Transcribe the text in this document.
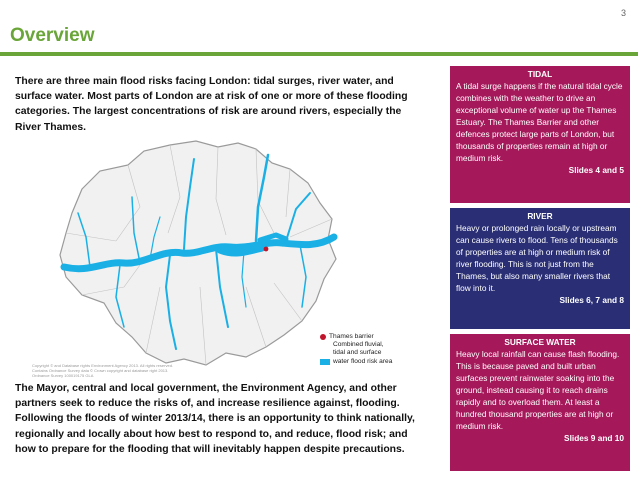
3
Overview

There are three main flood risks facing London: tidal surges, river water, and surface water. Most parts of London are at risk of one or more of these flooding categories. The largest concentrations of risk are around rivers, especially the River Thames.

Copyright © and Database rights Environment Agency 2013. All rights reserved. Contains Ordnance Survey data © Crown copyright and database right 2013. Ordnance Survey 100019175 GLA
Thames barrier
Combined fluvial,
tidal and surface
water flood risk area

The Mayor, central and local government, the Environment Agency, and other partners seek to reduce the risks of, and increase resilience against, flooding. Following the floods of winter 2013/14, there is an opportunity to think nationally, regionally and locally about how best to respond to, and reduce, flood risk; and how to prepare for the flooding that will inevitably happen despite precautions.

TIDAL

A tidal surge happens if the natural tidal cycle combines with the weather to drive an exceptional volume of water up the Thames Estuary. The Thames Barrier and other defences protect large parts of London, but thousands of properties remain at high or medium risk.

Slides 4 and 5

RIVER

Heavy or prolonged rain locally or upstream can cause rivers to flood. Tens of thousands of properties are at high or medium risk of river flooding. This is not just from the Thames, but also many smaller rivers that flow into it.

Slides 6, 7 and 8

SURFACE WATER

Heavy local rainfall can cause flash flooding. This is because paved and built urban surfaces prevent rainwater soaking into the ground, instead causing it to reach drains rapidly and to overload them. At least a hundred thousand properties are at high or medium risk.

Slides 9 and 10
